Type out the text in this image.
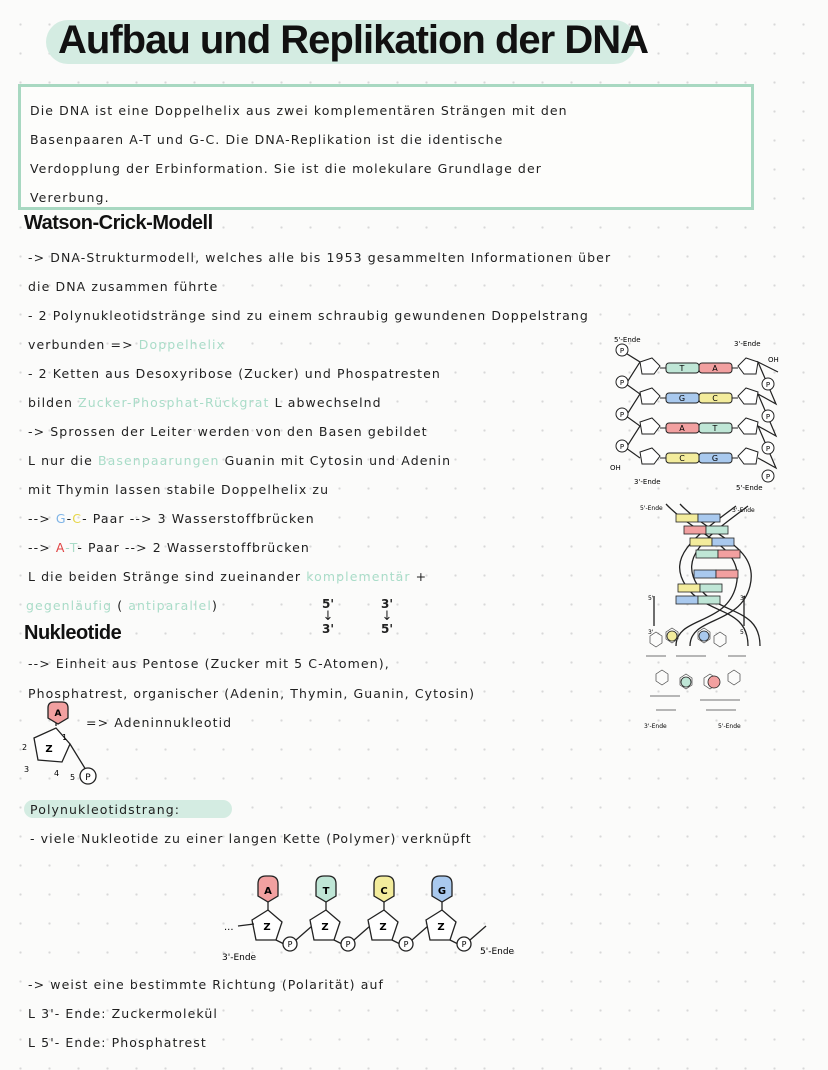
Aufbau und Replikation der DNA
Die DNA ist eine Doppelhelix aus zwei komplementären Strängen mit den
Basenpaaren A-T und G-C. Die DNA-Replikation ist die identische
Verdopplung der Erbinformation. Sie ist die molekulare Grundlage der
Vererbung.
Watson-Crick-Modell
-> DNA-Strukturmodell, welches alle bis 1953 gesammelten Informationen über
die DNA zusammen führte
- 2 Polynukleotidstränge sind zu einem schraubig gewundenen Doppelstrang
verbunden => Doppelhelix
- 2 Ketten aus Desoxyribose (Zucker) und Phospatresten
bilden Zucker-Phosphat-Rückgrat L abwechselnd
-> Sprossen der Leiter werden von den Basen gebildet
L nur die Basenpaarungen Guanin mit Cytosin und Adenin
mit Thymin lassen stabile Doppelhelix zu
--> G-C- Paar --> 3 Wasserstoffbrücken
--> A-T- Paar --> 2 Wasserstoffbrücken
L die beiden Stränge sind zueinander komplementär +
gegenläufig ( antiparallel)	5'
↓
3'
3'
↓
5'
5'-Ende	3'-Ende
OH
3'-Ende
5'-Ende
OH
T	A
G	C
A	T
C	G
P
P
P
P
P
P
P
P
5'-Ende	3'-Ende
3'-Ende	5'-Ende
5'
3'
3'
5'
Nukleotide
--> Einheit aus Pentose (Zucker mit 5 C-Atomen),
Phosphatrest, organischer (Adenin, Thymin, Guanin, Cytosin)
=> Adeninnukleotid
A
Z
P
1
2
3	4 5
Polynukleotidstrang:
- viele Nukleotide zu einer langen Kette (Polymer) verknüpft
...
3'-Ende
5'-Ende
A
Z
P
T
Z
P
C
Z
P
G
Z
P
-> weist eine bestimmte Richtung (Polarität) auf
L 3'- Ende: Zuckermolekül
L 5'- Ende: Phosphatrest
